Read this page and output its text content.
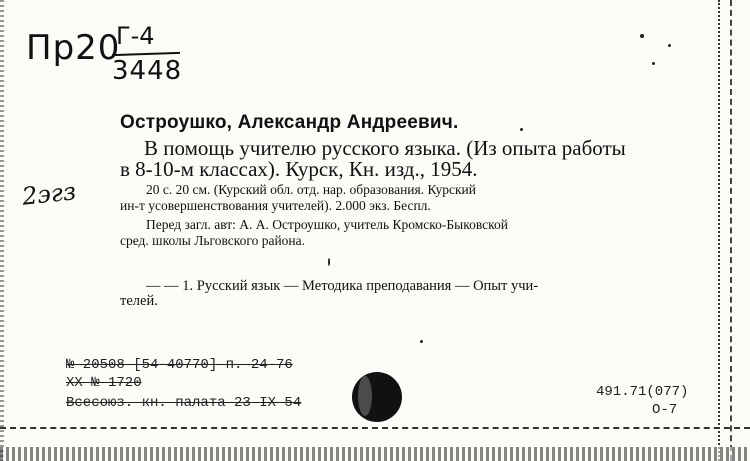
Пр20
Г-4
3448
2эгз
Остроушко, Александр Андреевич.
В помощь учителю русского языка. (Из опыта работы
в 8-10-м классах). Курск, Кн. изд., 1954.
20 с. 20 см. (Курский обл. отд. нар. образования. Курский
ин-т усовершенствования учителей). 2.000 экз. Беспл.
Перед загл. авт: А. А. Остроушко, учитель Кромско-Быковской
сред. школы Льговского района.
— — 1. Русский язык — Методика преподавания — Опыт учи-
телей.
№ 20508 [54-40770] п. 24-76
XX № 1720
Всесоюз. кн. палата 23 IX 54
491.71(077)
О-7
